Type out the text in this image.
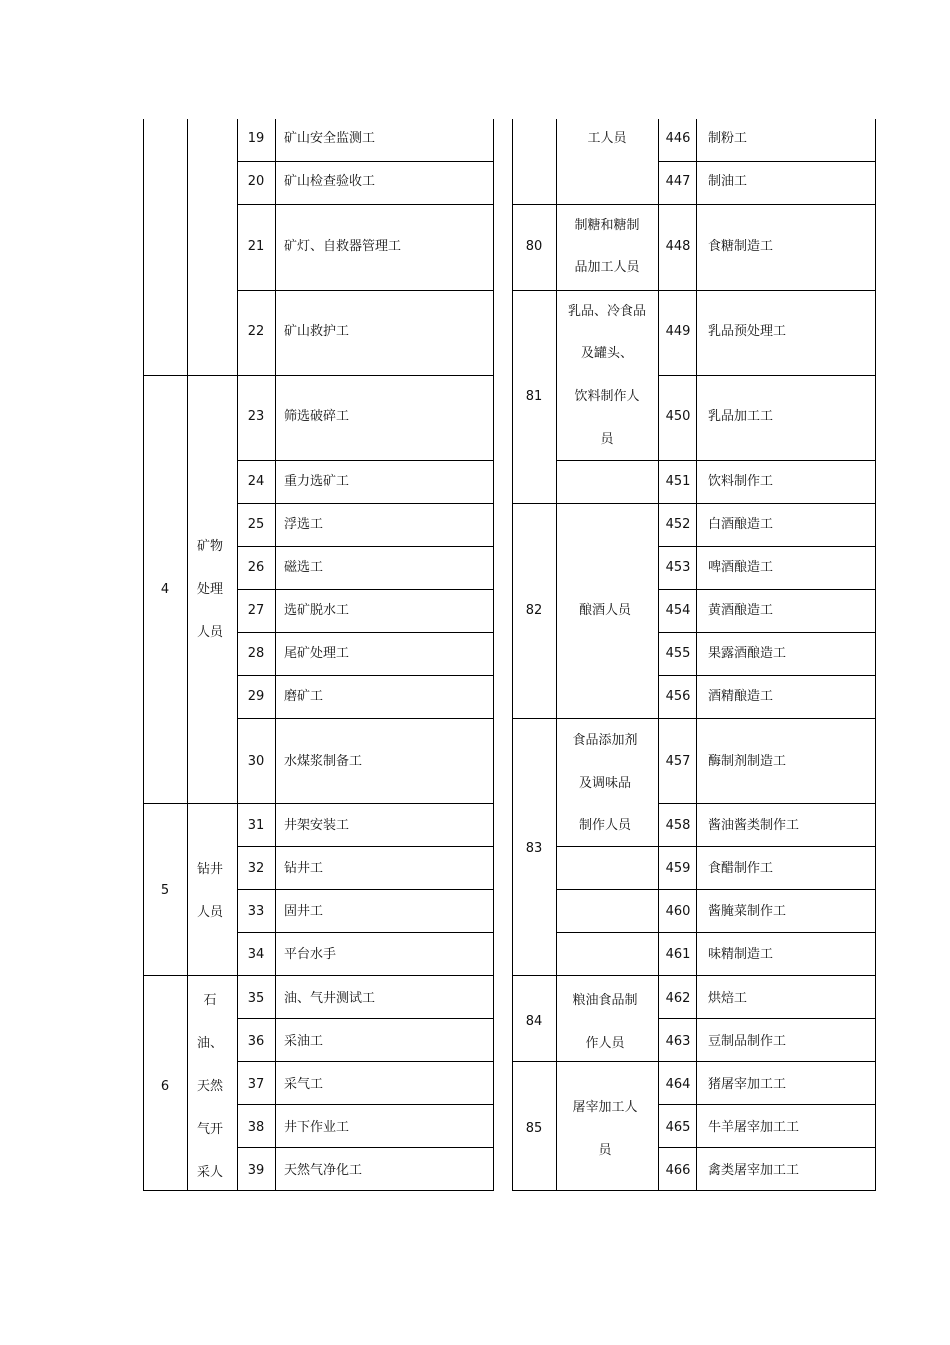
4
5
6
矿物
处理
人员
钻井
人员
石
油、
天然
气开
采人
19 矿山安全监测工
20 矿山检查验收工
21 矿灯、自救器管理工
22 矿山救护工
23 筛选破碎工
24 重力选矿工
25 浮选工
26 磁选工
27 选矿脱水工
28 尾矿处理工
29 磨矿工
30 水煤浆制备工
31 井架安装工
32 钻井工
33 固井工
34 平台水手
35 油、气井测试工
36 采油工
37 采气工
38 井下作业工
39 天然气净化工
80
81
82
83
84
85
工人员
制糖和糖制
品加工人员
乳品、冷食品
及罐头、
饮料制作人
员
酿酒人员
食品添加剂
及调味品
制作人员
粮油食品制
作人员
屠宰加工人
员
446 制粉工
447 制油工
448 食糖制造工
449 乳品预处理工
450 乳品加工工
451 饮料制作工
452 白酒酿造工
453 啤酒酿造工
454 黄酒酿造工
455 果露酒酿造工
456 酒精酿造工
457 酶制剂制造工
458 酱油酱类制作工
459 食醋制作工
460 酱腌菜制作工
461 味精制造工
462 烘焙工
463 豆制品制作工
464 猪屠宰加工工
465 牛羊屠宰加工工
466 禽类屠宰加工工
